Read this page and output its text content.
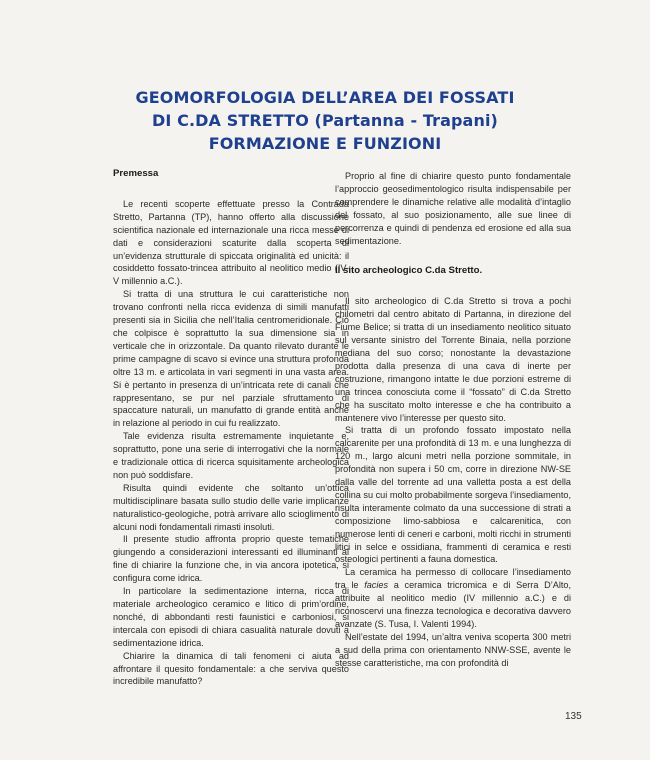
GEOMORFOLOGIA DELL’AREA DEI FOSSATI
DI C.DA STRETTO (Partanna - Trapani)
FORMAZIONE E FUNZIONI
Premessa

Le recenti scoperte effettuate presso la Contrada Stretto, Partanna (TP), hanno offerto alla discussione scientifica nazionale ed internazionale una ricca messe di dati e considerazioni scaturite dalla scoperta di un’evidenza strutturale di spiccata originalità ed unicità: il cosiddetto fossato-trincea attribuito al neolitico medio (IV-V millennio a.C.).

Si tratta di una struttura le cui caratteristiche non trovano confronti nella ricca evidenza di simili manufatti presenti sia in Sicilia che nell’Italia centromeridionale. Ciò che colpisce è soprattutto la sua dimensione sia in verticale che in orizzontale. Da quanto rilevato durante le prime campagne di scavo si evince una struttura profonda oltre 13 m. e articolata in vari segmenti in una vasta area. Si è pertanto in presenza di un’intricata rete di canali che rappresentano, se pur nel parziale sfruttamento di spaccature naturali, un manufatto di grande entità anche in relazione al periodo in cui fu realizzato.

Tale evidenza risulta estremamente inquietante e, soprattutto, pone una serie di interrogativi che la normale e tradizionale ottica di ricerca squisitamente archeologica non può soddisfare.

Risulta quindi evidente che soltanto un’ottica multidisciplinare basata sullo studio delle varie implicanze naturalistico-geologiche, potrà arrivare allo scioglimento di alcuni nodi fondamentali rimasti insoluti.

Il presente studio affronta proprio queste tematiche giungendo a considerazioni interessanti ed illuminanti al fine di chiarire la funzione che, in via ancora ipotetica, si configura come idrica.

In particolare la sedimentazione interna, ricca di materiale archeologico ceramico e litico di prim’ordine, nonché, di abbondanti resti faunistici e carboniosi, si intercala con episodi di chiara casualità naturale dovuti a sedimentazione idrica.

Chiarire la dinamica di tali fenomeni ci aiuta ad affrontare il quesito fondamentale: a che serviva questo incredibile manufatto?

Proprio al fine di chiarire questo punto fondamentale l’approccio geosedimentologico risulta indispensabile per comprendere le dinamiche relative alle modalità d’intaglio del fossato, al suo posizionamento, alle sue linee di percorrenza e quindi di pendenza ed erosione ed alla sua sedimentazione.

Il sito archeologico C.da Stretto.

Il sito archeologico di C.da Stretto si trova a pochi chilometri dal centro abitato di Partanna, in direzione del Fiume Belice; si tratta di un insediamento neolitico situato sul versante sinistro del Torrente Binaia, nella porzione mediana del suo corso; nonostante la devastazione prodotta dalla presenza di una cava di inerte per costruzione, rimangono intatte le due porzioni estreme di una trincea conosciuta come il “fossato” di C.da Stretto che ha suscitato molto interesse e che ha contribuito a mantenere vivo l’interesse per questo sito.

Si tratta di un profondo fossato impostato nella calcarenite per una profondità di 13 m. e una lunghezza di 120 m., largo alcuni metri nella porzione sommitale, in profondità non supera i 50 cm, corre in direzione NW-SE dalla valle del torrente ad una valletta posta a est della collina su cui molto probabilmente sorgeva l’insediamento, risulta interamente colmato da una successione di strati a composizione limo-sabbiosa e calcarenitica, con numerose lenti di ceneri e carboni, molti ricchi in strumenti litici in selce e ossidiana, frammenti di ceramica e resti osteologici pertinenti a fauna domestica.

La ceramica ha permesso di collocare l’insediamento tra le facies a ceramica tricromica e di Serra D’Alto, attribuite al neolitico medio (IV millennio a.C.) e di riconoscervi una finezza tecnologica e decorativa davvero avanzate (S. Tusa, I. Valenti 1994).

Nell’estate del 1994, un’altra veniva scoperta 300 metri a sud della prima con orientamento NNW-SSE, avente le stesse caratteristiche, ma con profondità di

135
